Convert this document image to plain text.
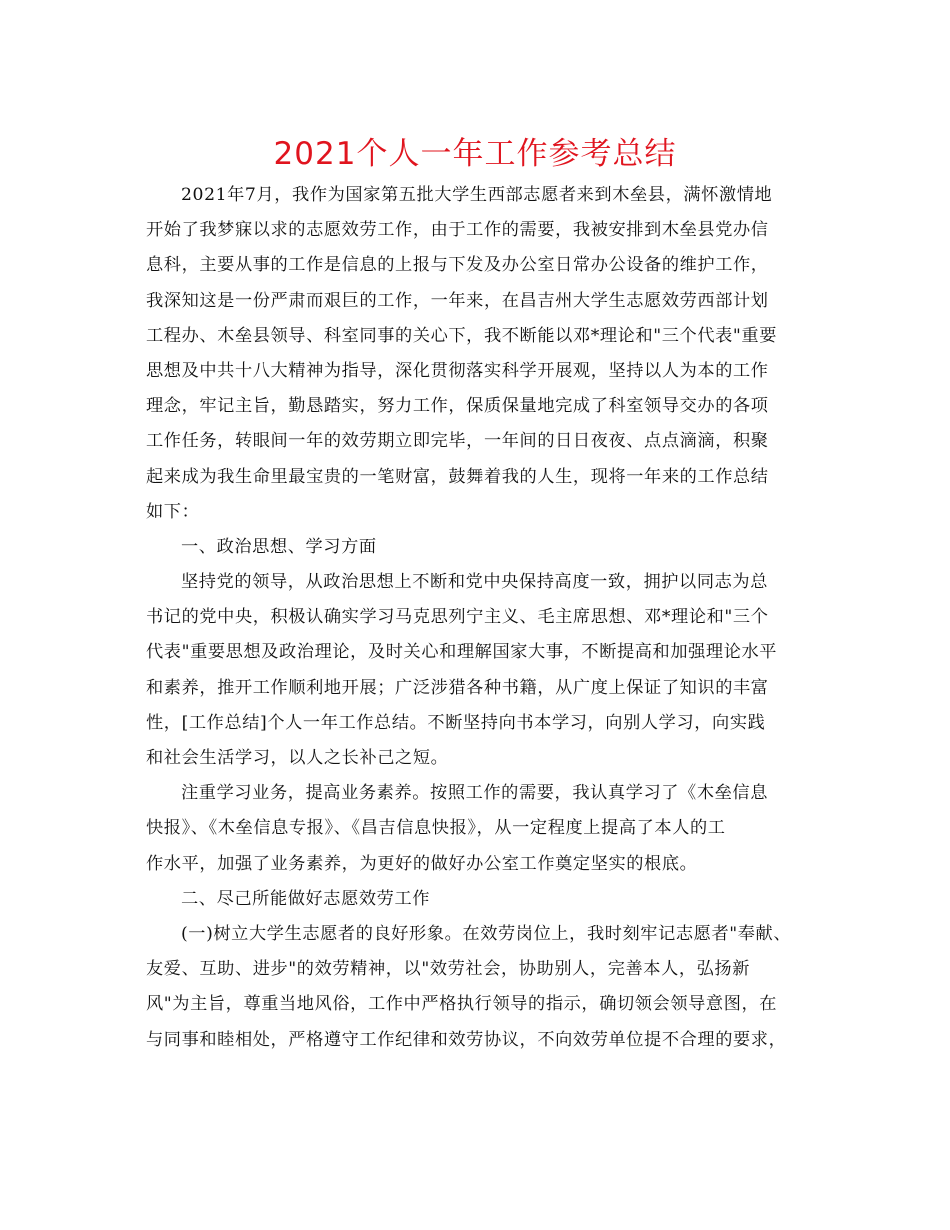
2021个人一年工作参考总结
2021年7月，我作为国家第五批大学生西部志愿者来到木垒县，满怀激情地
开始了我梦寐以求的志愿效劳工作，由于工作的需要，我被安排到木垒县党办信
息科，主要从事的工作是信息的上报与下发及办公室日常办公设备的维护工作，
我深知这是一份严肃而艰巨的工作，一年来，在昌吉州大学生志愿效劳西部计划
工程办、木垒县领导、科室同事的关心下，我不断能以邓*理论和"三个代表"重要
思想及中共十八大精神为指导，深化贯彻落实科学开展观，坚持以人为本的工作
理念，牢记主旨，勤恳踏实，努力工作，保质保量地完成了科室领导交办的各项
工作任务，转眼间一年的效劳期立即完毕，一年间的日日夜夜、点点滴滴，积聚
起来成为我生命里最宝贵的一笔财富，鼓舞着我的人生，现将一年来的工作总结
如下：
一、政治思想、学习方面
坚持党的领导，从政治思想上不断和党中央保持高度一致，拥护以同志为总
书记的党中央，积极认确实学习马克思列宁主义、毛主席思想、邓*理论和"三个
代表"重要思想及政治理论，及时关心和理解国家大事，不断提高和加强理论水平
和素养，推开工作顺利地开展；广泛涉猎各种书籍，从广度上保证了知识的丰富
性，[工作总结]个人一年工作总结。不断坚持向书本学习，向别人学习，向实践
和社会生活学习，以人之长补己之短。
注重学习业务，提高业务素养。按照工作的需要，我认真学习了《木垒信息
快报》、《木垒信息专报》、《昌吉信息快报》，从一定程度上提高了本人的工
作水平，加强了业务素养，为更好的做好办公室工作奠定坚实的根底。
二、尽己所能做好志愿效劳工作
(一)树立大学生志愿者的良好形象。在效劳岗位上，我时刻牢记志愿者"奉献、
友爱、互助、进步"的效劳精神，以"效劳社会，协助别人，完善本人，弘扬新
风"为主旨，尊重当地风俗，工作中严格执行领导的指示，确切领会领导意图，在
与同事和睦相处，严格遵守工作纪律和效劳协议，不向效劳单位提不合理的要求，
